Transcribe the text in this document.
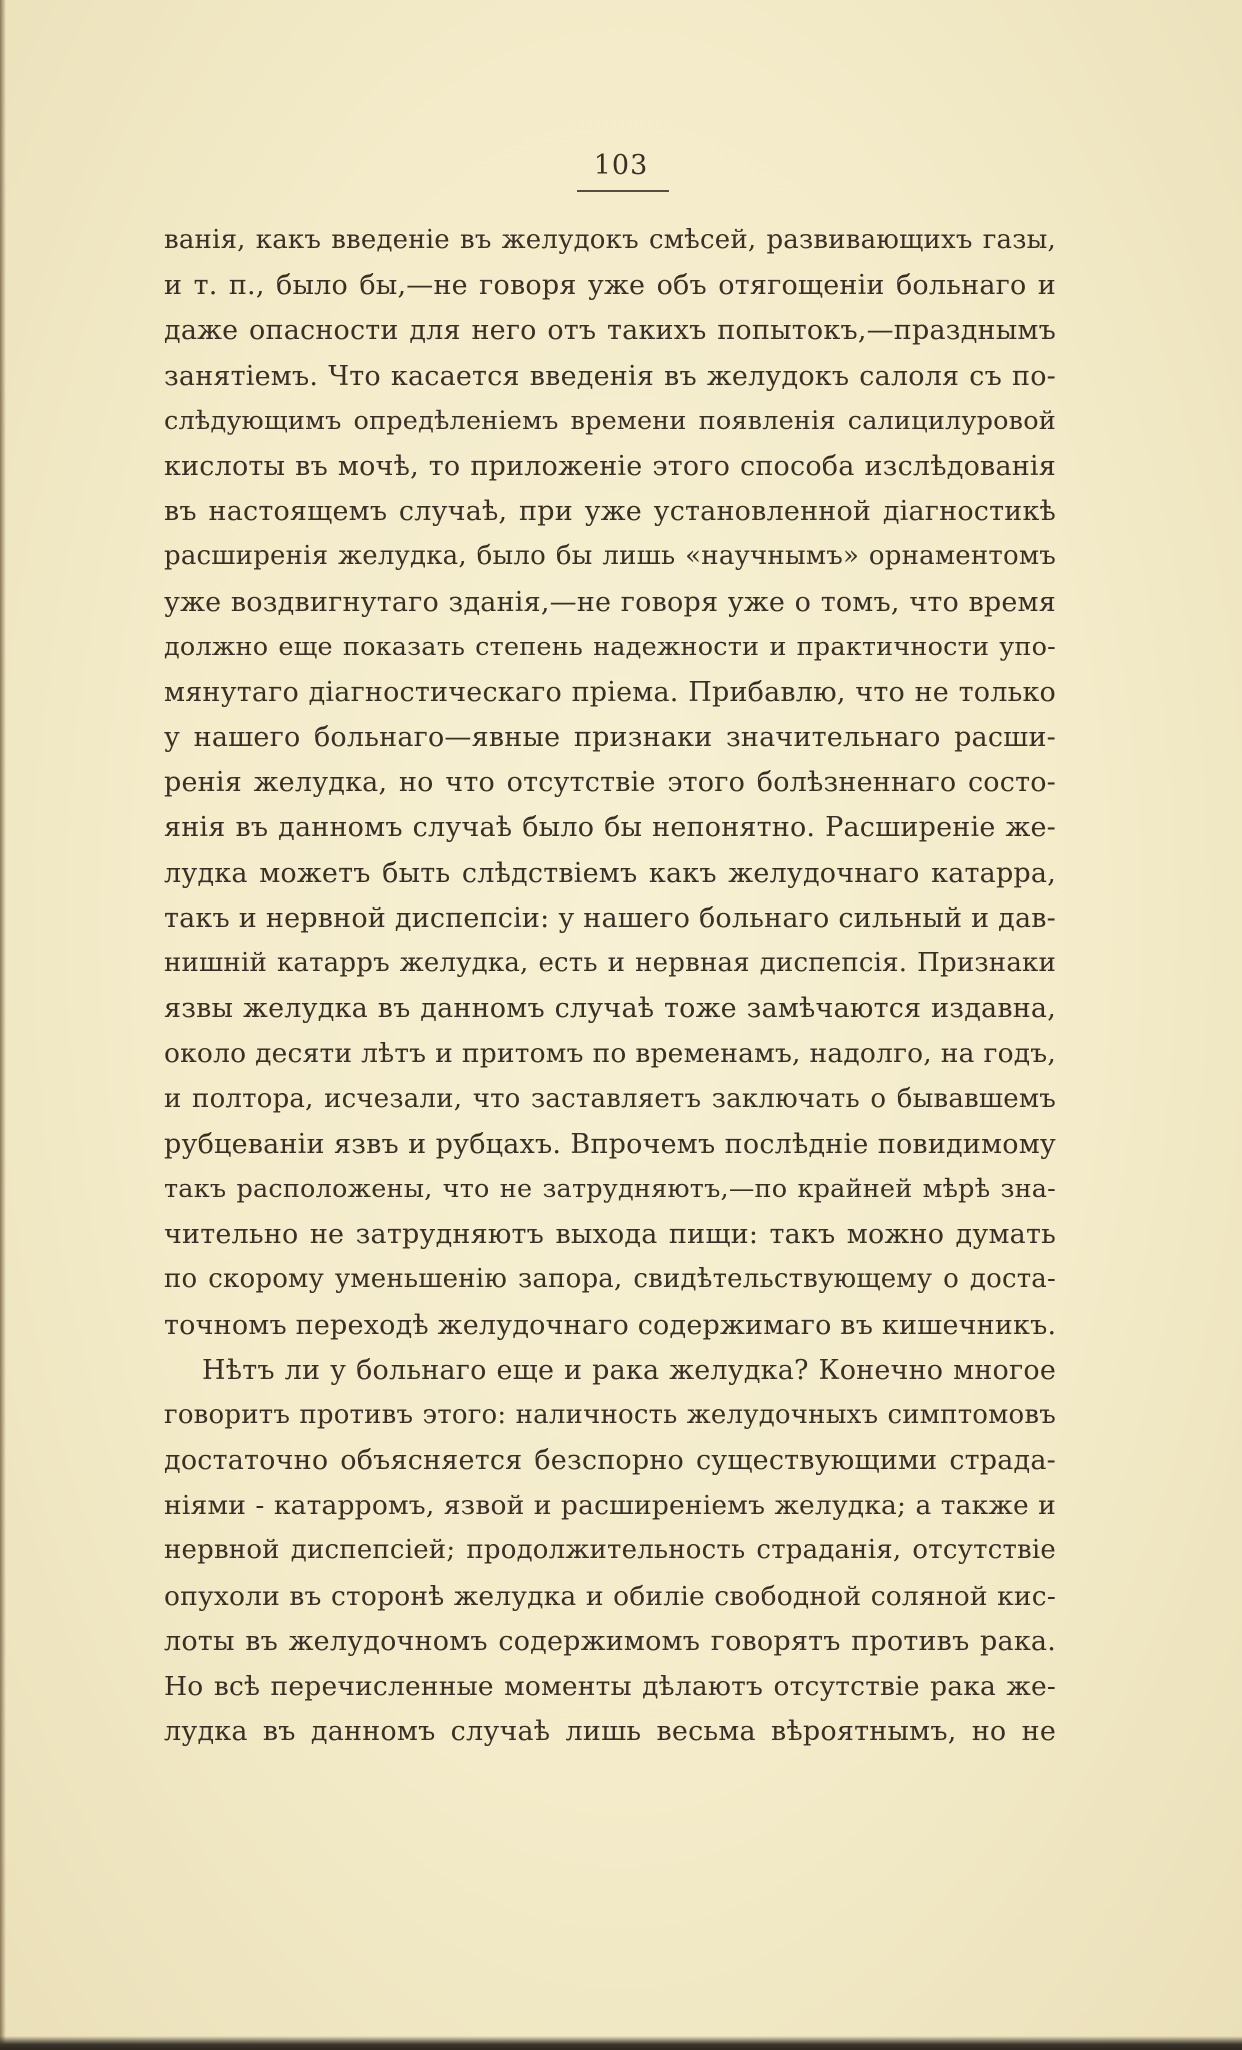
103
ванія, какъ введеніе въ желудокъ смѣсей, развивающихъ газы,
и т. п., было бы,—не говоря уже объ отягощеніи больнаго и
даже опасности для него отъ такихъ попытокъ,—празднымъ
занятіемъ. Что касается введенія въ желудокъ салоля съ по-
слѣдующимъ опредѣленіемъ времени появленія салицилуровой
кислоты въ мочѣ, то приложеніе этого способа изслѣдованія
въ настоящемъ случаѣ, при уже установленной діагностикѣ
расширенія желудка, было бы лишь «научнымъ» орнаментомъ
уже воздвигнутаго зданія,—не говоря уже о томъ, что время
должно еще показать степень надежности и практичности упо-
мянутаго діагностическаго пріема. Прибавлю, что не только
у нашего больнаго—явные признаки значительнаго расши-
ренія желудка, но что отсутствіе этого болѣзненнаго состо-
янія въ данномъ случаѣ было бы непонятно. Расширеніе же-
лудка можетъ быть слѣдствіемъ какъ желудочнаго катарра,
такъ и нервной диспепсіи: у нашего больнаго сильный и дав-
нишній катарръ желудка, есть и нервная диспепсія. Признаки
язвы желудка въ данномъ случаѣ тоже замѣчаются издавна,
около десяти лѣтъ и притомъ по временамъ, надолго, на годъ,
и полтора, исчезали, что заставляетъ заключать о бывавшемъ
рубцеваніи язвъ и рубцахъ. Впрочемъ послѣдніе повидимому
такъ расположены, что не затрудняютъ,—по крайней мѣрѣ зна-
чительно не затрудняютъ выхода пищи: такъ можно думать
по скорому уменьшенію запора, свидѣтельствующему о доста-
точномъ переходѣ желудочнаго содержимаго въ кишечникъ.
Нѣтъ ли у больнаго еще и рака желудка? Конечно многое
говоритъ противъ этого: наличность желудочныхъ симптомовъ
достаточно объясняется безспорно существующими страда-
ніями - катарромъ, язвой и расширеніемъ желудка; а также и
нервной диспепсіей; продолжительность страданія, отсутствіе
опухоли въ сторонѣ желудка и обиліе свободной соляной кис-
лоты въ желудочномъ содержимомъ говорятъ противъ рака.
Но всѣ перечисленные моменты дѣлаютъ отсутствіе рака же-
лудка въ данномъ случаѣ лишь весьма вѣроятнымъ, но не
